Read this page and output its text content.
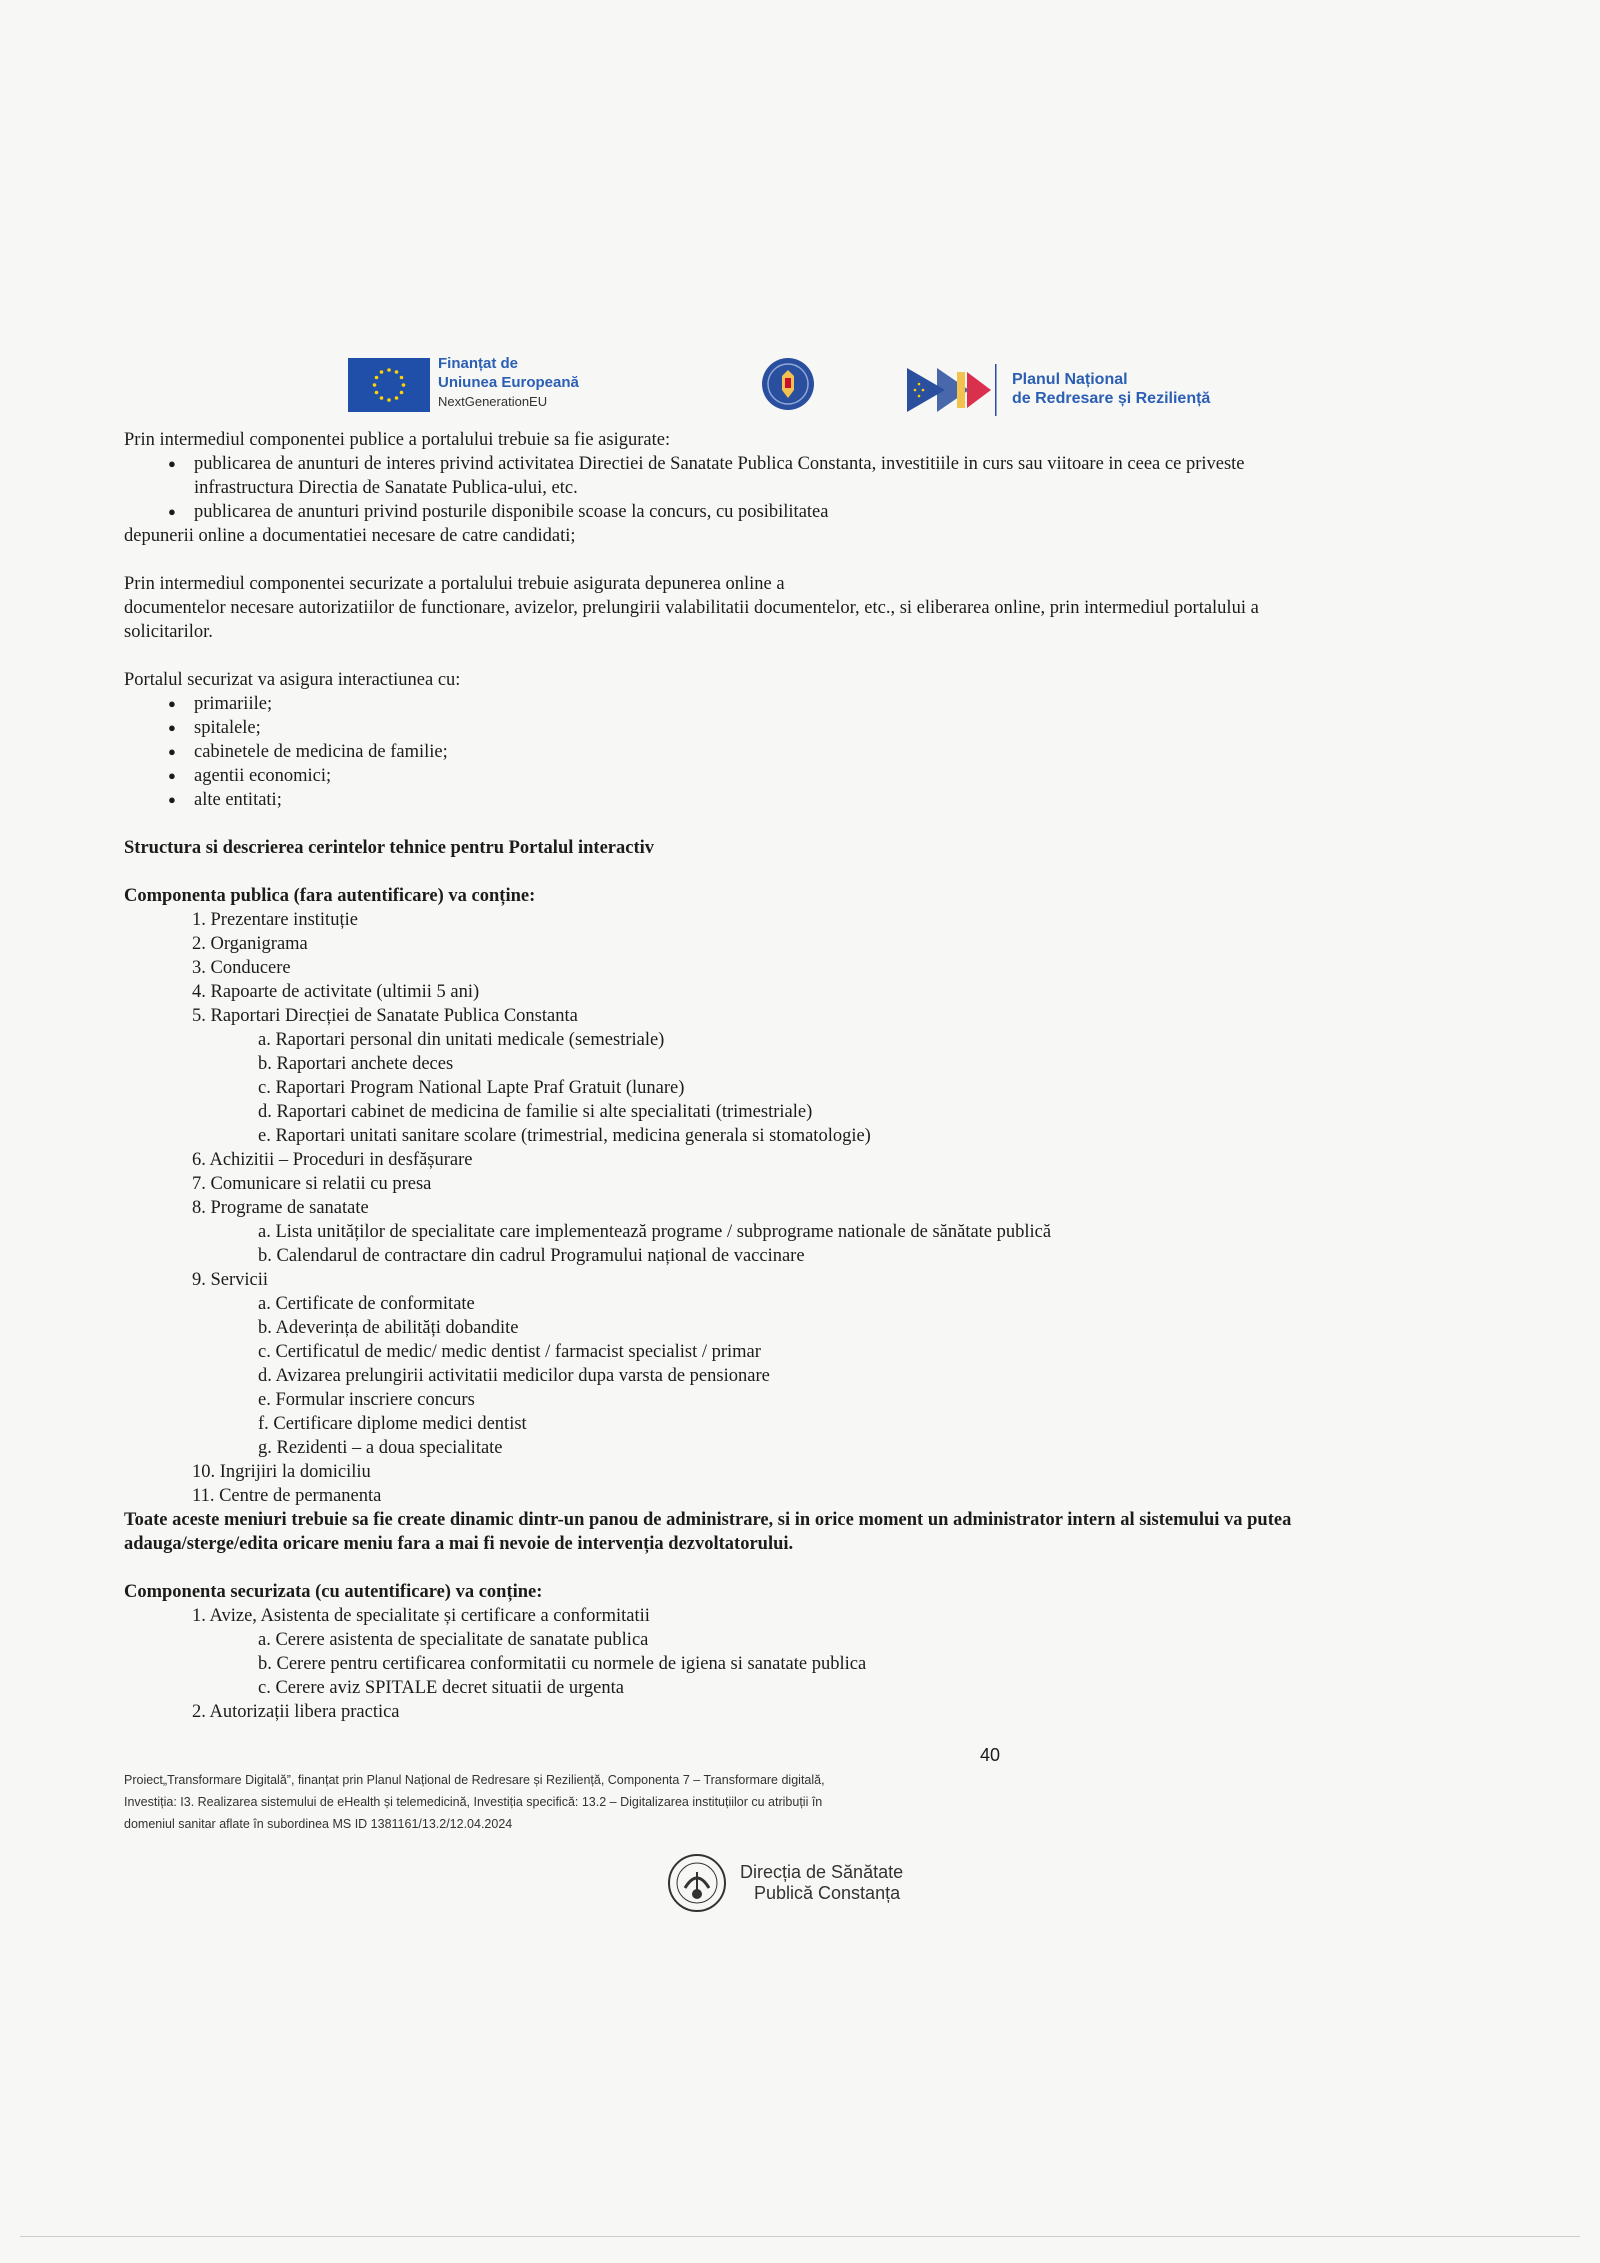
Finanțat de
Uniunea Europeană
NextGenerationEU
Planul Național
de Redresare și Reziliență
Prin intermediul componentei publice a portalului trebuie sa fie asigurate:
● publicarea de anunturi de interes privind activitatea Directiei de Sanatate Publica Constanta, investitiile in curs sau viitoare in ceea ce priveste
infrastructura Directia de Sanatate Publica-ului, etc.
● publicarea de anunturi privind posturile disponibile scoase la concurs, cu posibilitatea
depunerii online a documentatiei necesare de catre candidati;
Prin intermediul componentei securizate a portalului trebuie asigurata depunerea online a
documentelor necesare autorizatiilor de functionare, avizelor, prelungirii valabilitatii documentelor, etc., si eliberarea online, prin intermediul portalului a
solicitarilor.
Portalul securizat va asigura interactiunea cu:
● primariile;
● spitalele;
● cabinetele de medicina de familie;
● agentii economici;
● alte entitati;
Structura si descrierea cerintelor tehnice pentru Portalul interactiv
Componenta publica (fara autentificare) va conține:
1. Prezentare instituție
2. Organigrama
3. Conducere
4. Rapoarte de activitate (ultimii 5 ani)
5. Raportari Direcției de Sanatate Publica Constanta
a. Raportari personal din unitati medicale (semestriale)
b. Raportari anchete deces
c. Raportari Program National Lapte Praf Gratuit (lunare)
d. Raportari cabinet de medicina de familie si alte specialitati (trimestriale)
e. Raportari unitati sanitare scolare (trimestrial, medicina generala si stomatologie)
6. Achizitii – Proceduri in desfășurare
7. Comunicare si relatii cu presa
8. Programe de sanatate
a. Lista unităților de specialitate care implementează programe / subprograme nationale de sănătate publică
b. Calendarul de contractare din cadrul Programului național de vaccinare
9. Servicii
a. Certificate de conformitate
b. Adeverința de abilități dobandite
c. Certificatul de medic/ medic dentist / farmacist specialist / primar
d. Avizarea prelungirii activitatii medicilor dupa varsta de pensionare
e. Formular inscriere concurs
f. Certificare diplome medici dentist
g. Rezidenti – a doua specialitate
10. Ingrijiri la domiciliu
11. Centre de permanenta
Toate aceste meniuri trebuie sa fie create dinamic dintr-un panou de administrare, si in orice moment un administrator intern al sistemului va putea
adauga/sterge/edita oricare meniu fara a mai fi nevoie de intervenția dezvoltatorului.
Componenta securizata (cu autentificare) va conține:
1. Avize, Asistenta de specialitate și certificare a conformitatii
a. Cerere asistenta de specialitate de sanatate publica
b. Cerere pentru certificarea conformitatii cu normele de igiena si sanatate publica
c. Cerere aviz SPITALE decret situatii de urgenta
2. Autorizații libera practica
40
Proiect„Transformare Digitală”, finanțat prin Planul Național de Redresare și Reziliență, Componenta 7 – Transformare digitală,
Investiția: I3. Realizarea sistemului de eHealth și telemedicină, Investiția specifică: 13.2 – Digitalizarea instituțiilor cu atribuții în
domeniul sanitar aflate în subordinea MS ID 1381161/13.2/12.04.2024
Direcția de Sănătate
Publică Constanța
